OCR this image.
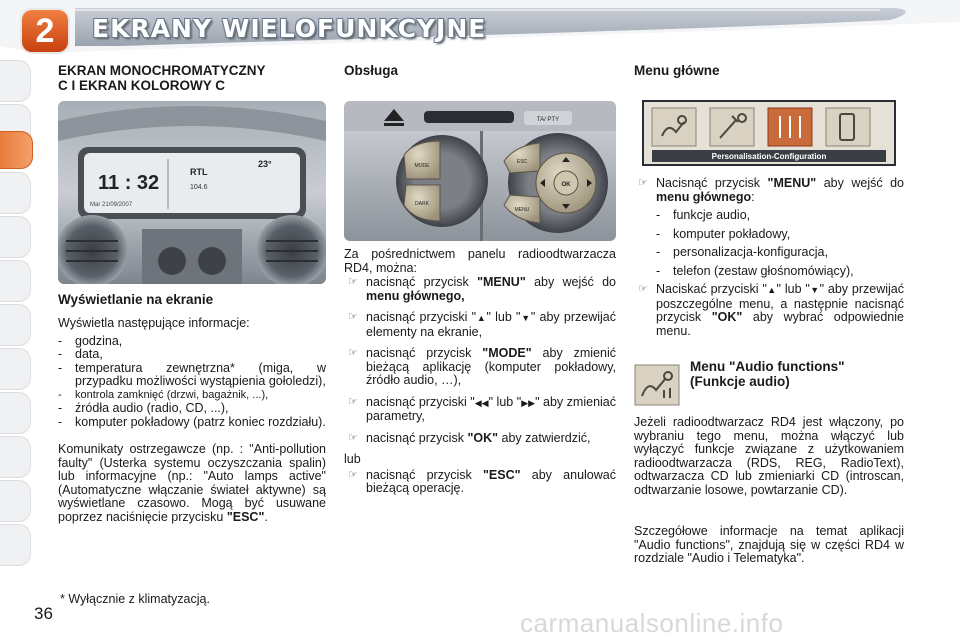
2	EKRANY WIELOFUNKCYJNE
EKRAN MONOCHROMATYCZNY
C I EKRAN KOLOROWY C
11 : 32	RTL
104.6
23°
Mar 21/09/2007
Wyświetlanie na ekranie

Wyświetla następujące informacje:

- godzina,
- data,
- temperatura zewnętrzna* (miga, w przypadku możliwości wystąpienia gołoledzi),
- kontrola zamknięć (drzwi, bagażnik, ...),
- źródła audio (radio, CD, ...),
- komputer pokładowy (patrz koniec rozdziału).

Komunikaty ostrzegawcze (np. : "Anti-pollution faulty" (Usterka systemu oczyszczania spalin) lub informacyjne (np.: "Auto lamps active" (Automatyczne włączanie świateł aktywne) są wyświetlane czasowo. Mogą być usuwane poprzez naciśnięcie przycisku "ESC".

* Wyłącznie z klimatyzacją.
36
Obsługa
TA/ PTY
MODE
DARK
ESC
MENU
OK

Za pośrednictwem panelu radioodtwarzacza RD4, można:

☞ nacisnąć przycisk "MENU" aby wejść do menu głównego,
☞ nacisnąć przyciski "▲" lub "▼" aby przewijać elementy na ekranie,
☞ nacisnąć przycisk "MODE" aby zmienić bieżącą aplikację (komputer pokładowy, źródło audio, …),
☞ nacisnąć przyciski "◀◀" lub "▶▶" aby zmieniać parametry,
☞ nacisnąć przycisk "OK" aby zatwierdzić,

lub

☞ nacisnąć przycisk "ESC" aby anulować bieżącą operację.
Menu główne
Personalisation-Configuration
☞ Nacisnąć przycisk "MENU" aby wejść do menu głównego:
- funkcje audio,
- komputer pokładowy,
- personalizacja-konfiguracja,
- telefon (zestaw głośnomówiący),
☞ Naciskać przyciski "▲" lub "▼" aby przewijać poszczególne menu, a następnie nacisnąć przycisk "OK" aby wybrać odpowiednie menu.
Menu "Audio functions"
(Funkcje audio)

Jeżeli radioodtwarzacz RD4 jest włączony, po wybraniu tego menu, można włączyć lub wyłączyć funkcje związane z użytkowaniem radioodtwarzacza (RDS, REG, RadioText), odtwarzacza CD lub zmieniarki CD (introscan, odtwarzanie losowe, powtarzanie CD).

Szczegółowe informacje na temat aplikacji "Audio functions", znajdują się w części RD4 w rozdziale "Audio i Telematyka".

carmanualsonline.info
